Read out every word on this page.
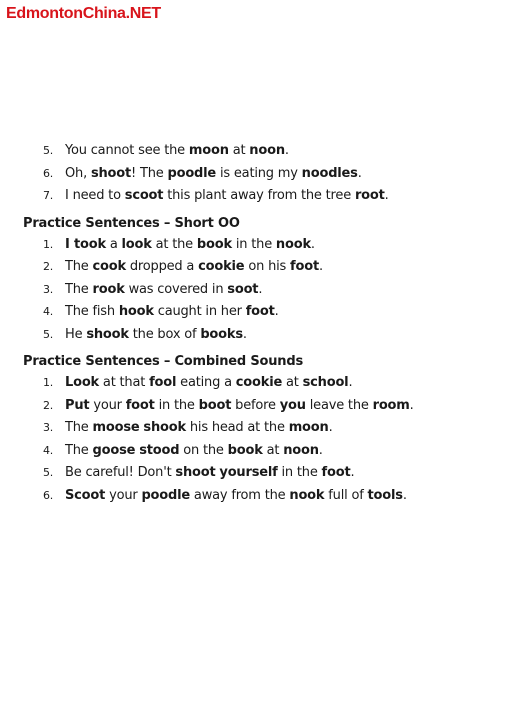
EdmontonChina.NET
5. You cannot see the moon at noon.
6. Oh, shoot! The poodle is eating my noodles.
7. I need to scoot this plant away from the tree root.
Practice Sentences – Short OO
1. I took a look at the book in the nook.
2. The cook dropped a cookie on his foot.
3. The rook was covered in soot.
4. The fish hook caught in her foot.
5. He shook the box of books.
Practice Sentences – Combined Sounds
1. Look at that fool eating a cookie at school.
2. Put your foot in the boot before you leave the room.
3. The moose shook his head at the moon.
4. The goose stood on the book at noon.
5. Be careful! Don't shoot yourself in the foot.
6. Scoot your poodle away from the nook full of tools.
